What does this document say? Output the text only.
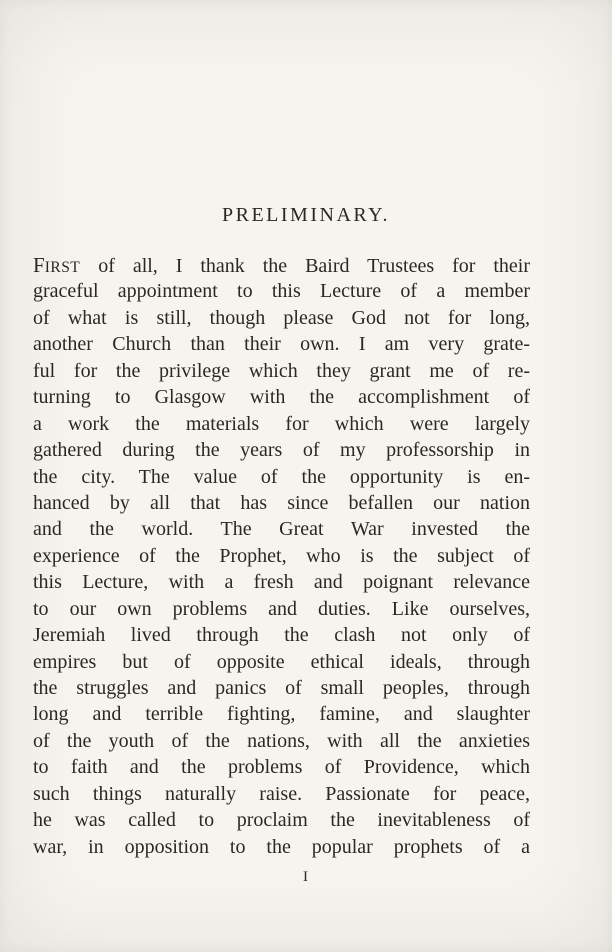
PRELIMINARY.
FIRST of all, I thank the Baird Trustees for their
graceful appointment to this Lecture of a member
of what is still, though please God not for long,
another Church than their own. I am very grate-
ful for the privilege which they grant me of re-
turning to Glasgow with the accomplishment of
a work the materials for which were largely
gathered during the years of my professorship in
the city. The value of the opportunity is en-
hanced by all that has since befallen our nation
and the world. The Great War invested the
experience of the Prophet, who is the subject of
this Lecture, with a fresh and poignant relevance
to our own problems and duties. Like ourselves,
Jeremiah lived through the clash not only of
empires but of opposite ethical ideals, through
the struggles and panics of small peoples, through
long and terrible fighting, famine, and slaughter
of the youth of the nations, with all the anxieties
to faith and the problems of Providence, which
such things naturally raise. Passionate for peace,
he was called to proclaim the inevitableness of
war, in opposition to the popular prophets of a
I
